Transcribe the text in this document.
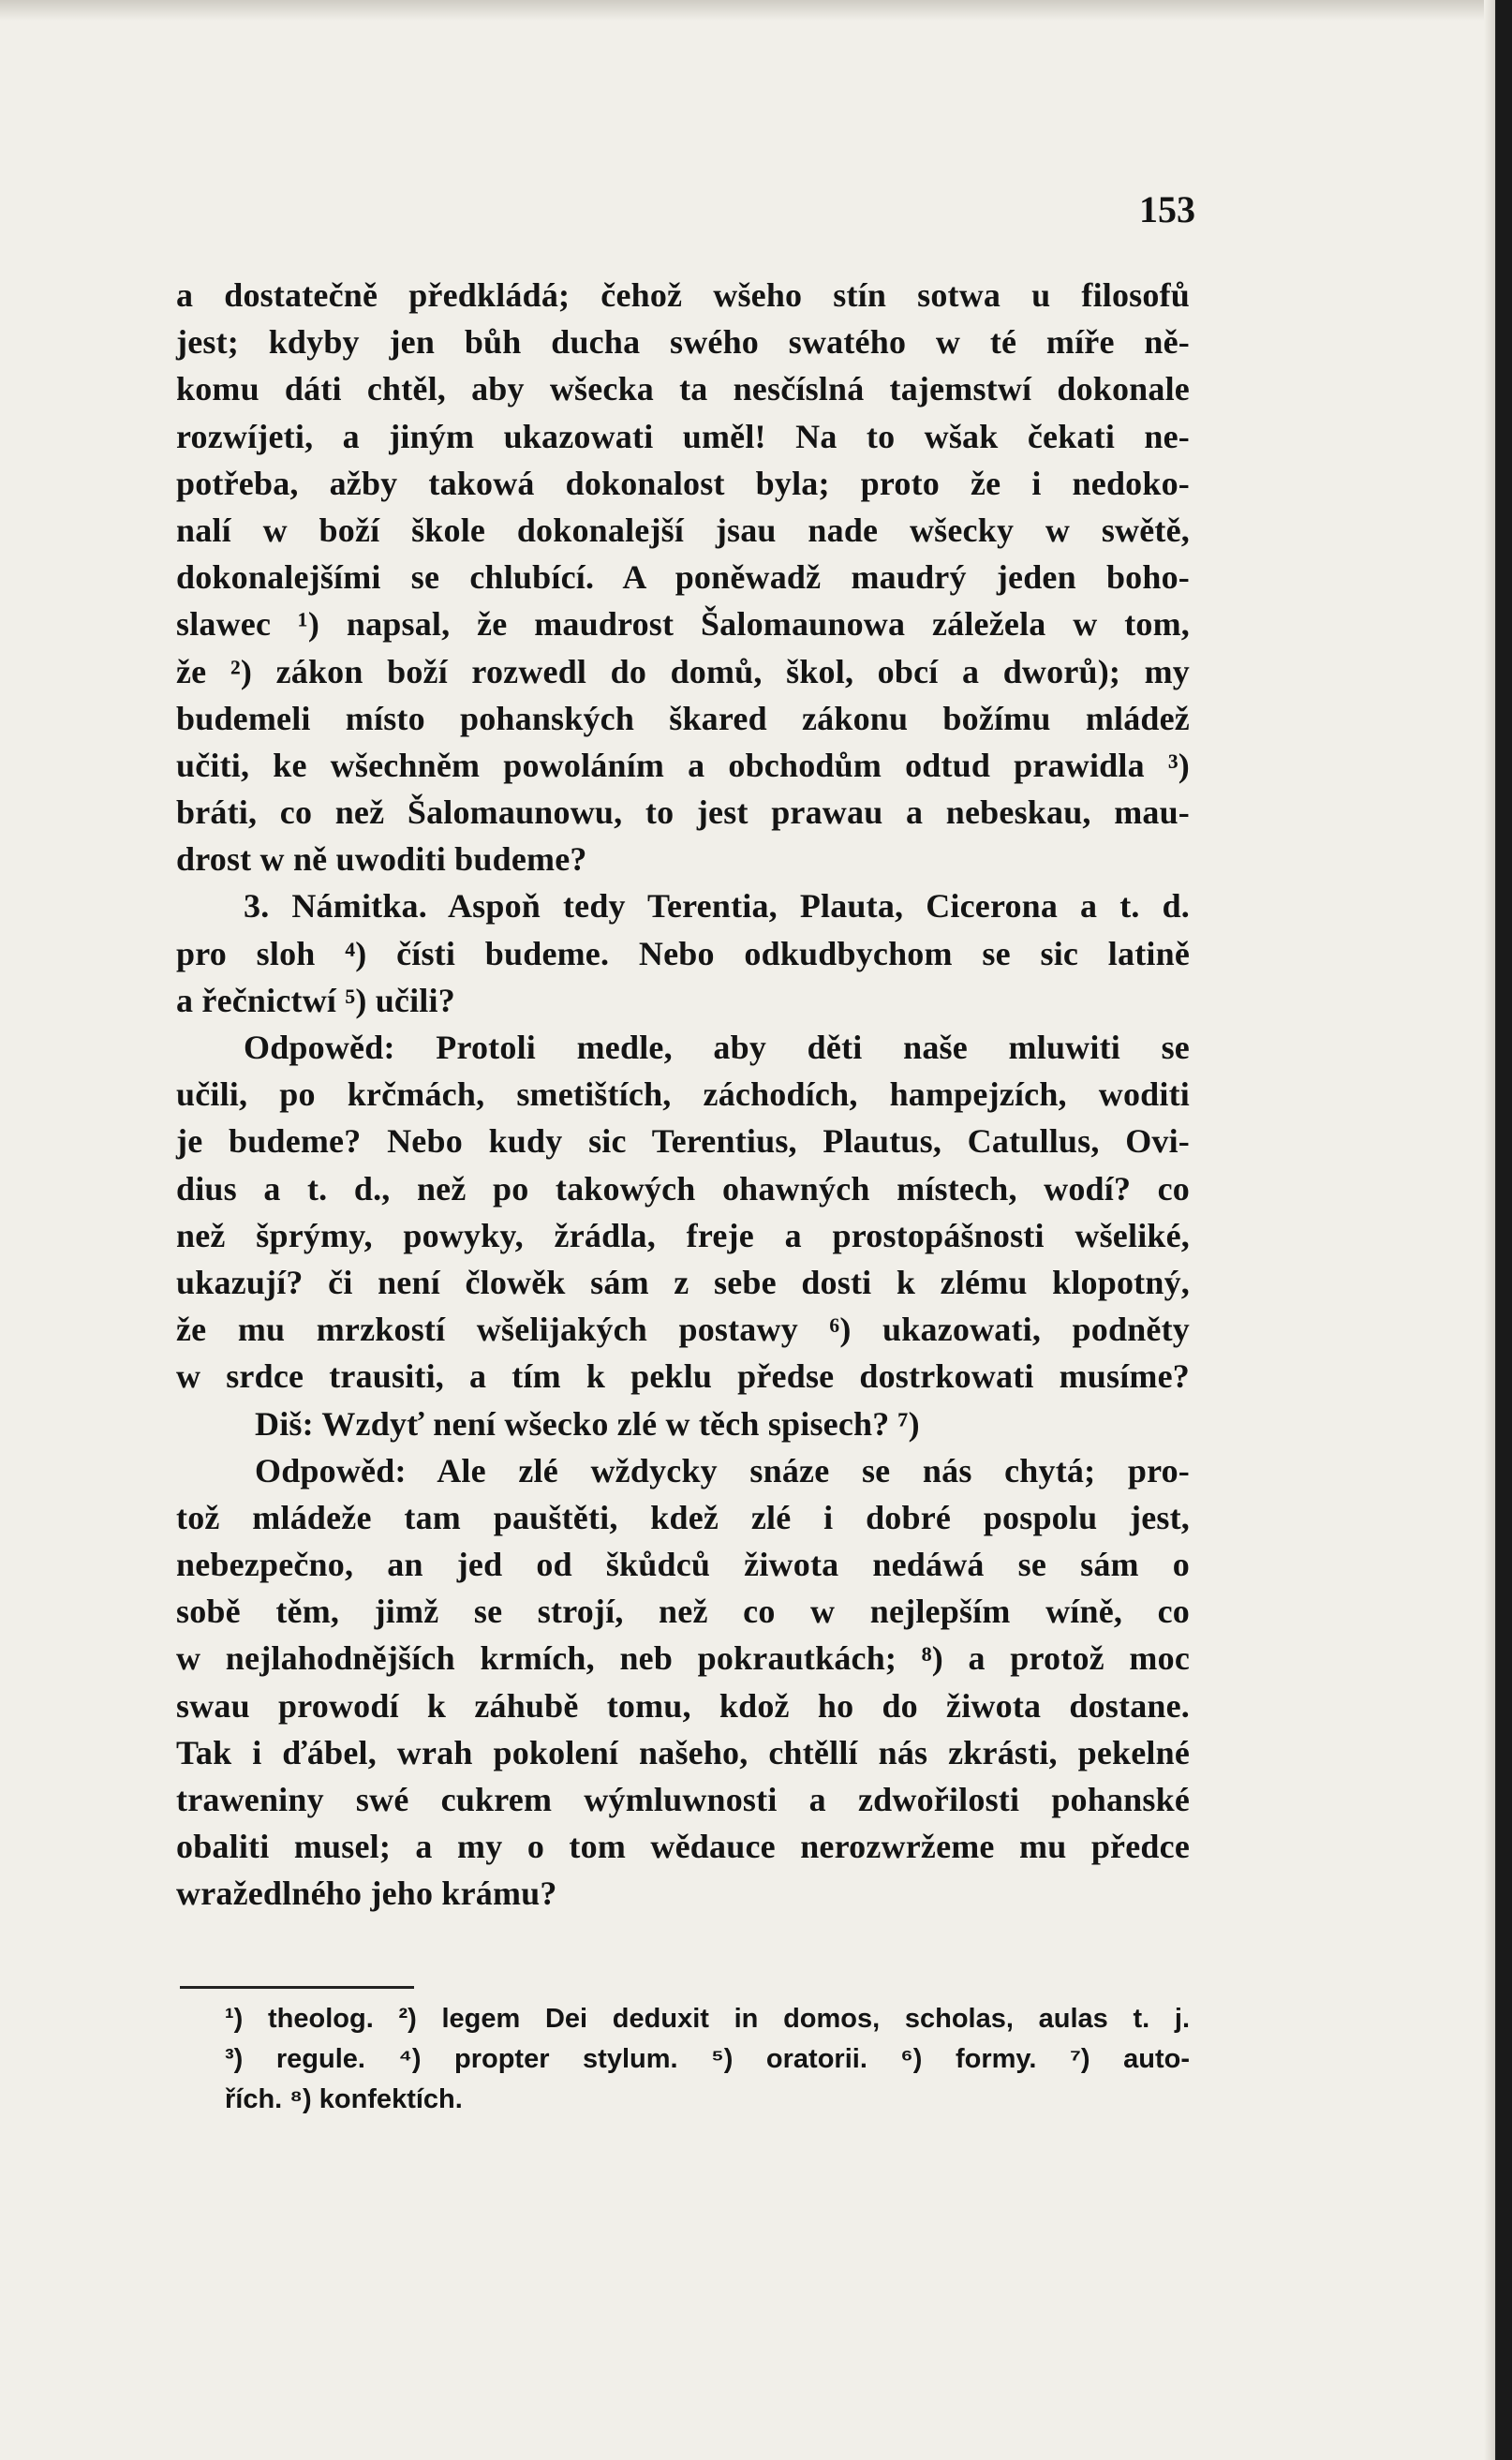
153
a dostatečně předkládá; čehož wšeho stín sotwa u filosofů
jest; kdyby jen bůh ducha swého swatého w té míře ně-
komu dáti chtěl, aby wšecka ta nesčíslná tajemstwí dokonale
rozwíjeti, a jiným ukazowati uměl! Na to wšak čekati ne-
potřeba, ažby takowá dokonalost byla; proto že i nedoko-
nalí w boží škole dokonalejší jsau nade wšecky w swětě,
dokonalejšími se chlubící. A poněwadž maudrý jeden boho-
slawec ¹) napsal, že maudrost Šalomaunowa záležela w tom,
že ²) zákon boží rozwedl do domů, škol, obcí a dworů); my
budemeli místo pohanských škared zákonu božímu mládež
učiti, ke wšechněm powoláním a obchodům odtud prawidla ³)
bráti, co než Šalomaunowu, to jest prawau a nebeskau, mau-
drost w ně uwoditi budeme?
3. Námitka. Aspoň tedy Terentia, Plauta, Cicerona a t. d.
pro sloh ⁴) čísti budeme. Nebo odkudbychom se sic latině
a řečnictwí ⁵) učili?
Odpowěd: Protoli medle, aby děti naše mluwiti se
učili, po krčmách, smetištích, záchodích, hampejzích, woditi
je budeme? Nebo kudy sic Terentius, Plautus, Catullus, Ovi-
dius a t. d., než po takowých ohawných místech, wodí? co
než šprýmy, powyky, žrádla, freje a prostopášnosti wšeliké,
ukazují? či není člowěk sám z sebe dosti k zlému klopotný,
že mu mrzkostí wšelijakých postawy ⁶) ukazowati, podněty
w srdce trausiti, a tím k peklu předse dostrkowati musíme?
Diš: Wzdyť není wšecko zlé w těch spisech? ⁷)
Odpowěd: Ale zlé wždycky snáze se nás chytá; pro-
tož mládeže tam pauštěti, kdež zlé i dobré pospolu jest,
nebezpečno, an jed od škůdců žiwota nedáwá se sám o
sobě těm, jimž se strojí, než co w nejlepším wíně, co
w nejlahodnějších krmích, neb pokrautkách; ⁸) a protož moc
swau prowodí k záhubě tomu, kdož ho do žiwota dostane.
Tak i ďábel, wrah pokolení našeho, chtěllí nás zkrásti, pekelné
traweniny swé cukrem wýmluwnosti a zdwořilosti pohanské
obaliti musel; a my o tom wědauce nerozwržeme mu předce
wražedlného jeho krámu?
¹) theolog. ²) legem Dei deduxit in domos, scholas, aulas t. j.
³) regule. ⁴) propter stylum. ⁵) oratorii. ⁶) formy. ⁷) auto-
řích. ⁸) konfektích.
